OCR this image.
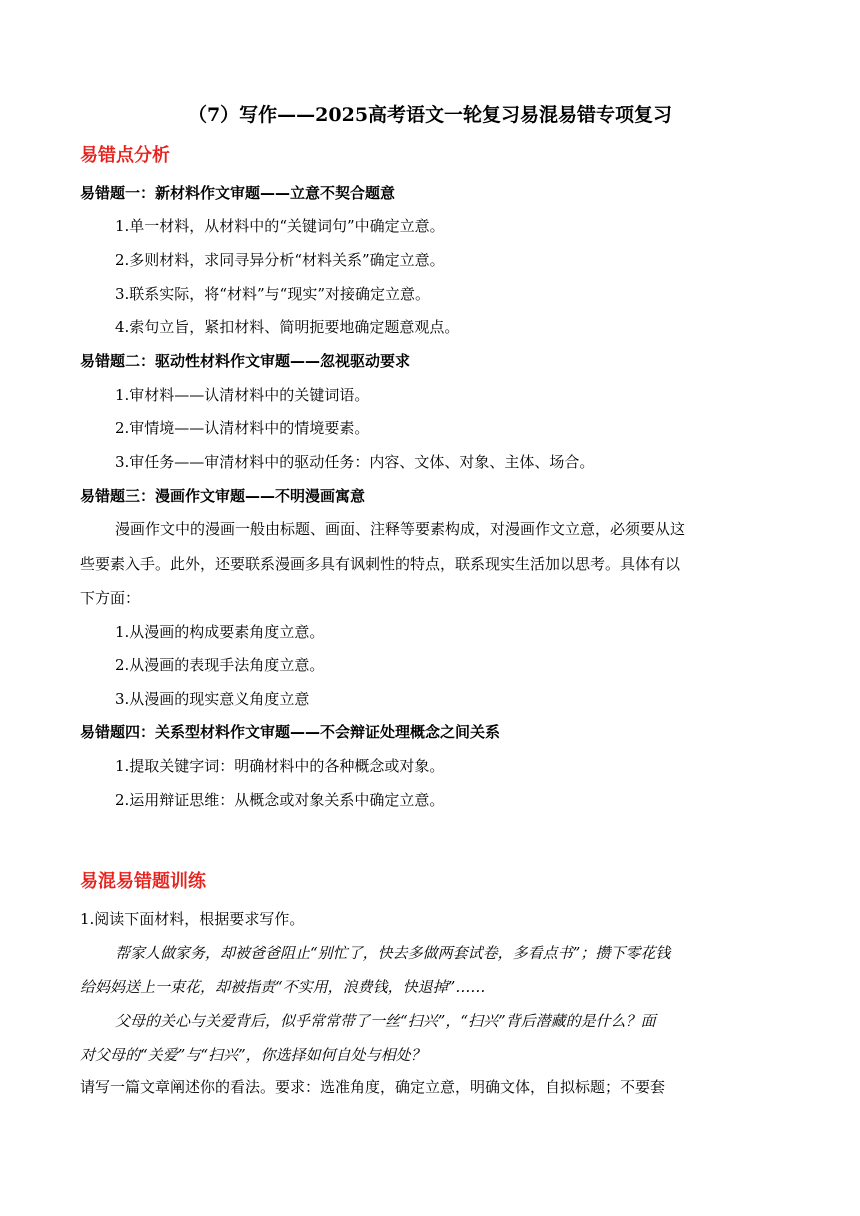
（7）写作——2025高考语文一轮复习易混易错专项复习
易错点分析
易错题一：新材料作文审题——立意不契合题意
1.单一材料，从材料中的“关键词句”中确定立意。
2.多则材料，求同寻异分析“材料关系”确定立意。
3.联系实际，将“材料”与“现实”对接确定立意。
4.索句立旨，紧扣材料、简明扼要地确定题意观点。
易错题二：驱动性材料作文审题——忽视驱动要求
1.审材料——认清材料中的关键词语。
2.审情境——认清材料中的情境要素。
3.审任务——审清材料中的驱动任务：内容、文体、对象、主体、场合。
易错题三：漫画作文审题——不明漫画寓意
漫画作文中的漫画一般由标题、画面、注释等要素构成，对漫画作文立意，必须要从这
些要素入手。此外，还要联系漫画多具有讽刺性的特点，联系现实生活加以思考。具体有以
下方面：
1.从漫画的构成要素角度立意。
2.从漫画的表现手法角度立意。
3.从漫画的现实意义角度立意
易错题四：关系型材料作文审题——不会辩证处理概念之间关系
1.提取关键字词：明确材料中的各种概念或对象。
2.运用辩证思维：从概念或对象关系中确定立意。
易混易错题训练
1.阅读下面材料，根据要求写作。
帮家人做家务，却被爸爸阻止“别忙了，快去多做两套试卷，多看点书”；攒下零花钱
给妈妈送上一束花，却被指责“不实用，浪费钱，快退掉”……
父母的关心与关爱背后，似乎常常带了一丝“扫兴”，“扫兴”背后潜藏的是什么？面
对父母的“关爱”与“扫兴”，你选择如何自处与相处？
请写一篇文章阐述你的看法。要求：选准角度，确定立意，明确文体，自拟标题；不要套
